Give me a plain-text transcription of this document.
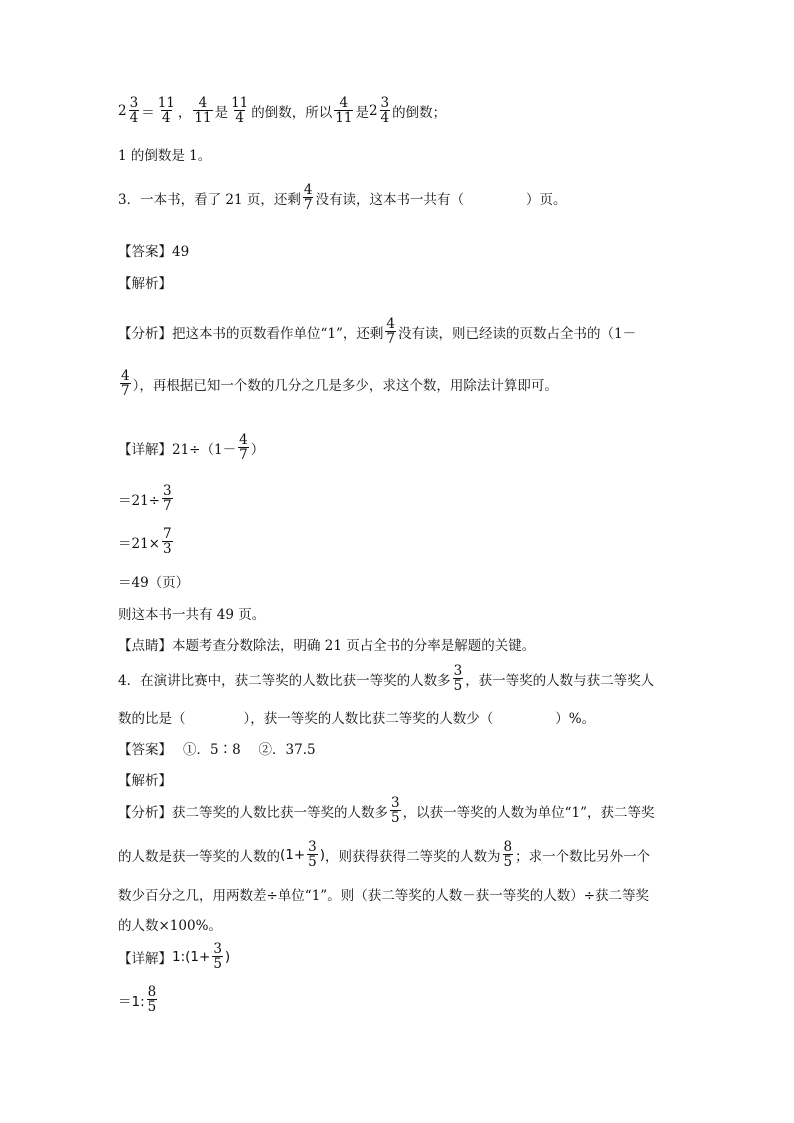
$2 \frac{3}{4} = \frac{11}{4}$ ， $\frac{4}{11}$ 是 $\frac{11}{4}$ 的倒数，所以 $\frac{4}{11}$ 是 $2 \frac{3}{4}$ 的倒数；
1 的倒数是 1。
3．一本书，看了 21 页，还剩 $\frac{4}{7}$ 没有读，这本书一共有（	）页。
【答案】49
【解析】
【分析】把这本书的页数看作单位“1”，还剩 $\frac{4}{7}$ 没有读，则已经读的页数占全书的（1－
$\frac{4}{7}$ ），再根据已知一个数的几分之几是多少，求这个数，用除法计算即可。
【详解】$21\div(1- \frac{4}{7}$ ）
$=21\div \frac{3}{7}$
$=21\times \frac{7}{3}$
＝49（页）
则这本书一共有 49 页。
【点睛】本题考查分数除法，明确 21 页占全书的分率是解题的关键。
4．在演讲比赛中，获二等奖的人数比获一等奖的人数多 $\frac{3}{5}$ ，获一等奖的人数与获二等奖人
数的比是（	），获一等奖的人数比获二等奖的人数少（	）%。
【答案】　 ①．5∶8　 ②．37.5
【解析】
【分析】获二等奖的人数比获一等奖的人数多 $\frac{3}{5}$ ，以获一等奖的人数为单位“1”，获二等奖
的人数是获一等奖的人数的 ($1+ \frac{3}{5}$ ) ，则获得获得二等奖的人数为 $\frac{8}{5}$ ；求一个数比另外一个
数少百分之几，用两数差÷单位“1”。则（获二等奖的人数－获一等奖的人数）÷获二等奖
的人数×100%。
【详解】 1:(1+ $\frac{3}{5}$ )
＝1: $\frac{8}{5}$
